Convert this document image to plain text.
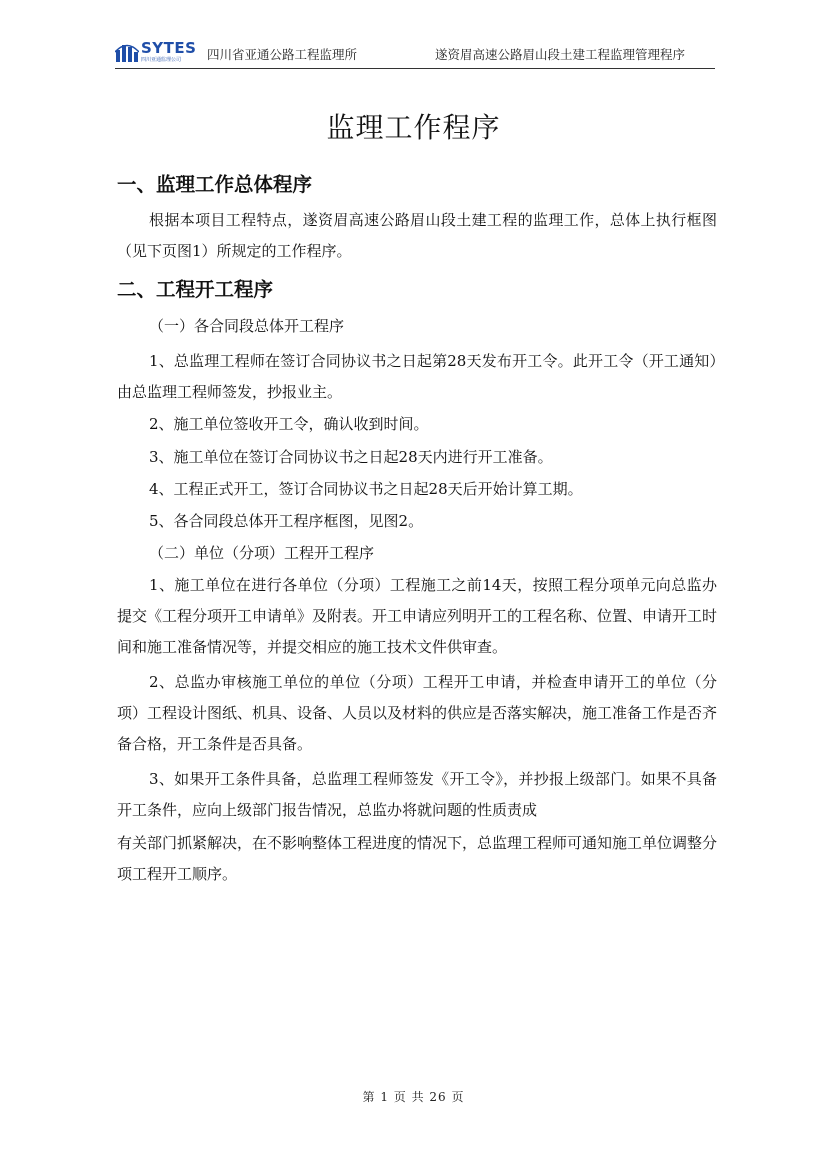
SYTES
四川亚通监理公司 四川省亚通公路工程监理所	遂资眉高速公路眉山段土建工程监理管理程序
监理工作程序
一、监理工作总体程序

根据本项目工程特点，遂资眉高速公路眉山段土建工程的监理工作，总体上执行框图（见下页图1）所规定的工作程序。

二、工程开工程序

（一）各合同段总体开工程序

1、总监理工程师在签订合同协议书之日起第28天发布开工令。此开工令（开工通知）由总监理工程师签发，抄报业主。

2、施工单位签收开工令，确认收到时间。

3、施工单位在签订合同协议书之日起28天内进行开工准备。

4、工程正式开工，签订合同协议书之日起28天后开始计算工期。

5、各合同段总体开工程序框图，见图2。

（二）单位（分项）工程开工程序

1、施工单位在进行各单位（分项）工程施工之前14天，按照工程分项单元向总监办提交《工程分项开工申请单》及附表。开工申请应列明开工的工程名称、位置、申请开工时间和施工准备情况等，并提交相应的施工技术文件供审查。

2、总监办审核施工单位的单位（分项）工程开工申请，并检查申请开工的单位（分项）工程设计图纸、机具、设备、人员以及材料的供应是否落实解决，施工准备工作是否齐备合格，开工条件是否具备。

3、如果开工条件具备，总监理工程师签发《开工令》，并抄报上级部门。如果不具备开工条件，应向上级部门报告情况，总监办将就问题的性质责成

有关部门抓紧解决，在不影响整体工程进度的情况下，总监理工程师可通知施工单位调整分项工程开工顺序。

第 1 页 共 26 页
